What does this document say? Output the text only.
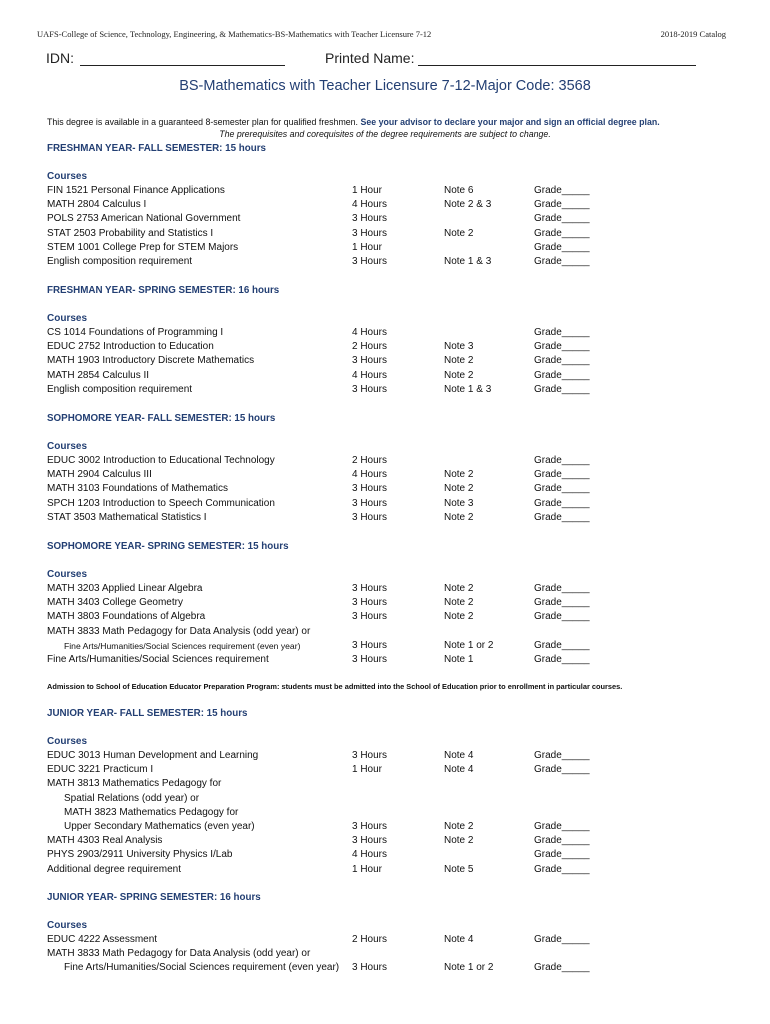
UAFS-College of Science, Technology, Engineering, & Mathematics-BS-Mathematics with Teacher Licensure 7-12	2018-2019 Catalog
IDN:	Printed Name:
BS-Mathematics with Teacher Licensure 7-12-Major Code: 3568
This degree is available in a guaranteed 8-semester plan for qualified freshmen. See your advisor to declare your major and sign an official degree plan.
The prerequisites and corequisites of the degree requirements are subject to change.
FRESHMAN YEAR- FALL SEMESTER: 15 hours
Courses
FIN 1521 Personal Finance Applications	1 Hour	Note 6	Grade_____
MATH 2804 Calculus I	4 Hours	Note 2 & 3	Grade_____
POLS 2753 American National Government	3 Hours	Grade_____
STAT 2503 Probability and Statistics I	3 Hours	Note 2	Grade_____
STEM 1001 College Prep for STEM Majors	1 Hour	Grade_____
English composition requirement	3 Hours	Note 1 & 3	Grade_____
FRESHMAN YEAR- SPRING SEMESTER: 16 hours
Courses
CS 1014 Foundations of Programming I	4 Hours	Grade_____
EDUC 2752 Introduction to Education	2 Hours	Note 3	Grade_____
MATH 1903 Introductory Discrete Mathematics	3 Hours	Note 2	Grade_____
MATH 2854 Calculus II	4 Hours	Note 2	Grade_____
English composition requirement	3 Hours	Note 1 & 3	Grade_____
SOPHOMORE YEAR- FALL SEMESTER: 15 hours
Courses
EDUC 3002 Introduction to Educational Technology	2 Hours	Grade_____
MATH 2904 Calculus III	4 Hours	Note 2	Grade_____
MATH 3103 Foundations of Mathematics	3 Hours	Note 2	Grade_____
SPCH 1203 Introduction to Speech Communication	3 Hours	Note 3	Grade_____
STAT 3503 Mathematical Statistics I	3 Hours	Note 2	Grade_____
SOPHOMORE YEAR- SPRING SEMESTER: 15 hours
Courses
MATH 3203 Applied Linear Algebra	3 Hours	Note 2	Grade_____
MATH 3403 College Geometry	3 Hours	Note 2	Grade_____
MATH 3803 Foundations of Algebra	3 Hours	Note 2	Grade_____
MATH 3833 Math Pedagogy for Data Analysis (odd year) or
Fine Arts/Humanities/Social Sciences requirement (even year)	3 Hours	Note 1 or 2	Grade_____
Fine Arts/Humanities/Social Sciences requirement	3 Hours	Note 1	Grade_____
JUNIOR YEAR- FALL SEMESTER: 15 hours
Courses
EDUC 3013 Human Development and Learning	3 Hours	Note 4	Grade_____
EDUC 3221 Practicum I	1 Hour	Note 4	Grade_____
MATH 3813 Mathematics Pedagogy for
Spatial Relations (odd year) or
MATH 3823 Mathematics Pedagogy for
Upper Secondary Mathematics (even year)	3 Hours	Note 2	Grade_____
MATH 4303 Real Analysis	3 Hours	Note 2	Grade_____
PHYS 2903/2911 University Physics I/Lab	4 Hours	Grade_____
Additional degree requirement	1 Hour	Note 5	Grade_____
JUNIOR YEAR- SPRING SEMESTER: 16 hours
Courses
EDUC 4222 Assessment	2 Hours	Note 4	Grade_____
MATH 3833 Math Pedagogy for Data Analysis (odd year) or
Fine Arts/Humanities/Social Sciences requirement (even year) 3 Hours	Note 1 or 2	Grade_____
Admission to School of Education Educator Preparation Program: students must be admitted into the School of Education prior to enrollment in particular courses.
